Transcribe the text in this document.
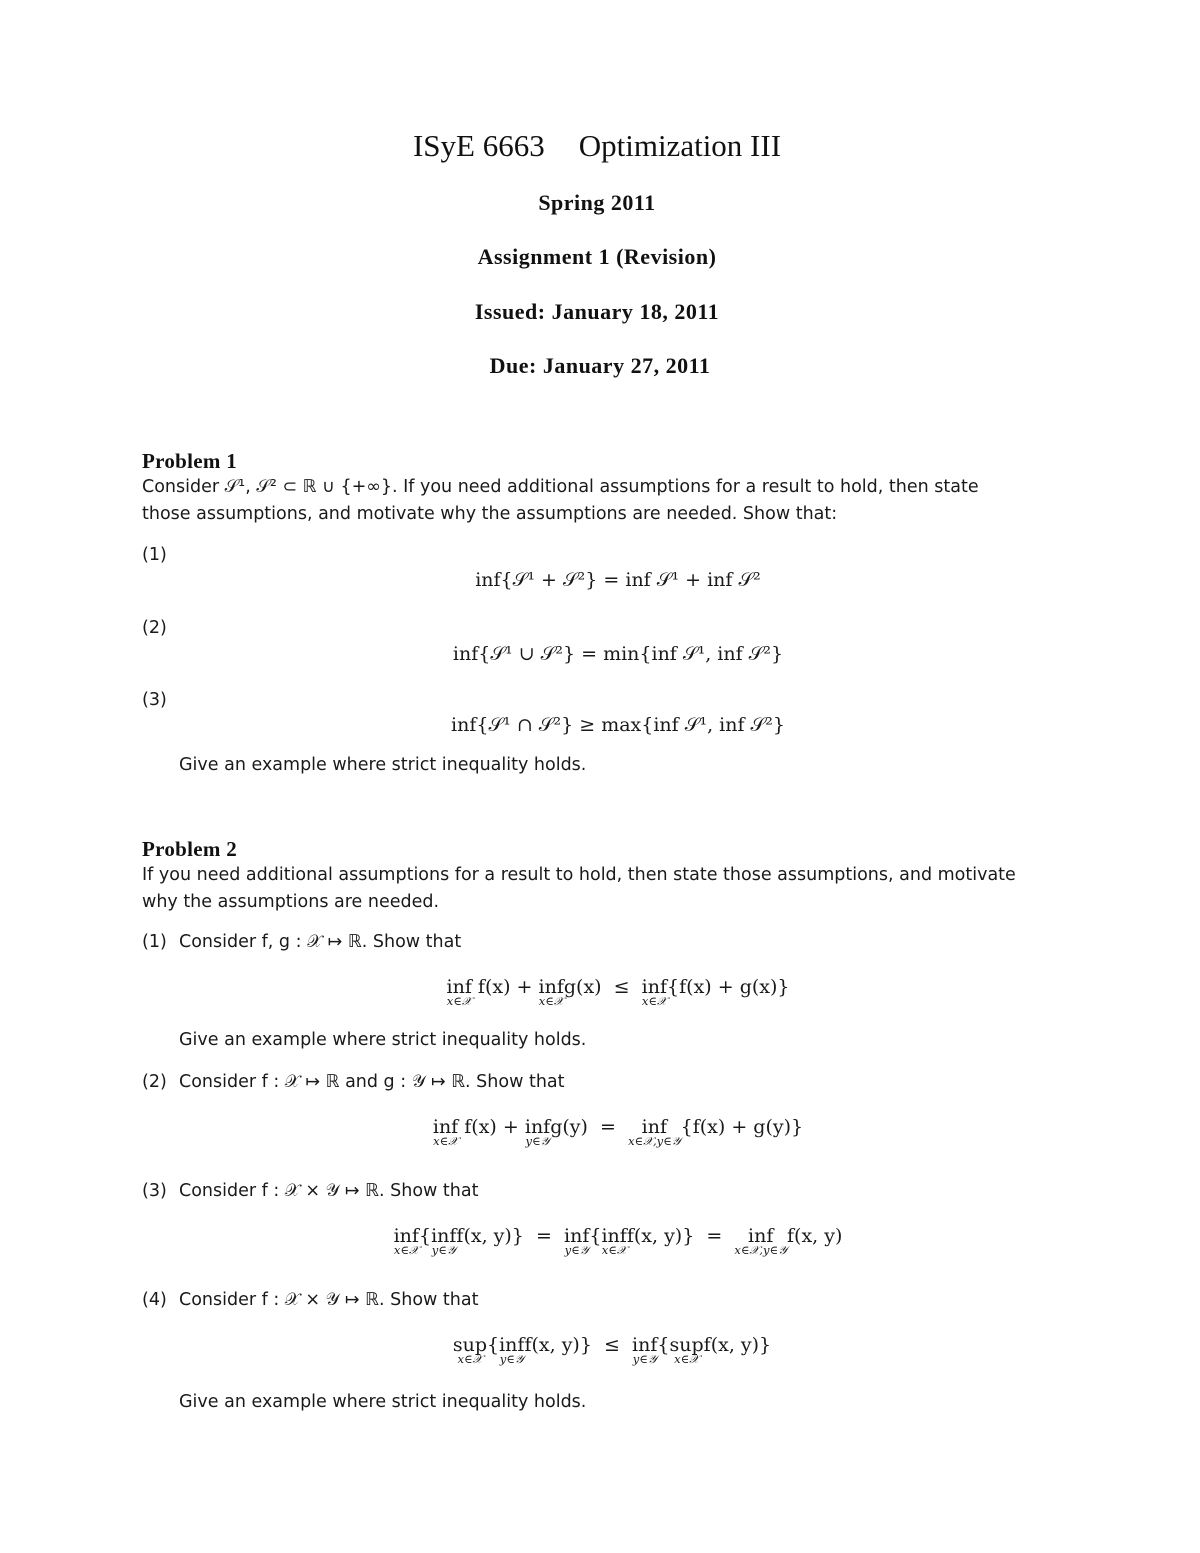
ISyE 6663 Optimization III
Spring 2011
Assignment 1 (Revision)
Issued: January 18, 2011
Due: January 27, 2011
Problem 1
Consider 𝒮¹, 𝒮² ⊂ ℝ ∪ {+∞}. If you need additional assumptions for a result to hold, then state
those assumptions, and motivate why the assumptions are needed. Show that:
(1)
inf{𝒮¹ + 𝒮²} = inf 𝒮¹ + inf 𝒮²
(2)
inf{𝒮¹ ∪ 𝒮²} = min{inf 𝒮¹, inf 𝒮²}
(3)
inf{𝒮¹ ∩ 𝒮²} ≥ max{inf 𝒮¹, inf 𝒮²}
Give an example where strict inequality holds.
Problem 2
If you need additional assumptions for a result to hold, then state those assumptions, and motivate
why the assumptions are needed.
(1) Consider f, g : 𝒳 ↦ ℝ. Show that
inf
x∈𝒳
f(x) + inf
x∈𝒳
g(x) ≤ inf
x∈𝒳
{f(x) + g(x)}
Give an example where strict inequality holds.
(2) Consider f : 𝒳 ↦ ℝ and g : 𝒴 ↦ ℝ. Show that
inf
x∈𝒳
f(x) + inf
y∈𝒴
g(y) = inf
x∈𝒳,y∈𝒴
{f(x) + g(y)}
(3) Consider f : 𝒳 × 𝒴 ↦ ℝ. Show that
inf
x∈𝒳
{inf
y∈𝒴
f(x, y)} = inf
y∈𝒴
{inf
x∈𝒳
f(x, y)} = inf
x∈𝒳,y∈𝒴
f(x, y)
(4) Consider f : 𝒳 × 𝒴 ↦ ℝ. Show that
sup
x∈𝒳
{inf
y∈𝒴
f(x, y)} ≤ inf
y∈𝒴
{sup
x∈𝒳
f(x, y)}
Give an example where strict inequality holds.
